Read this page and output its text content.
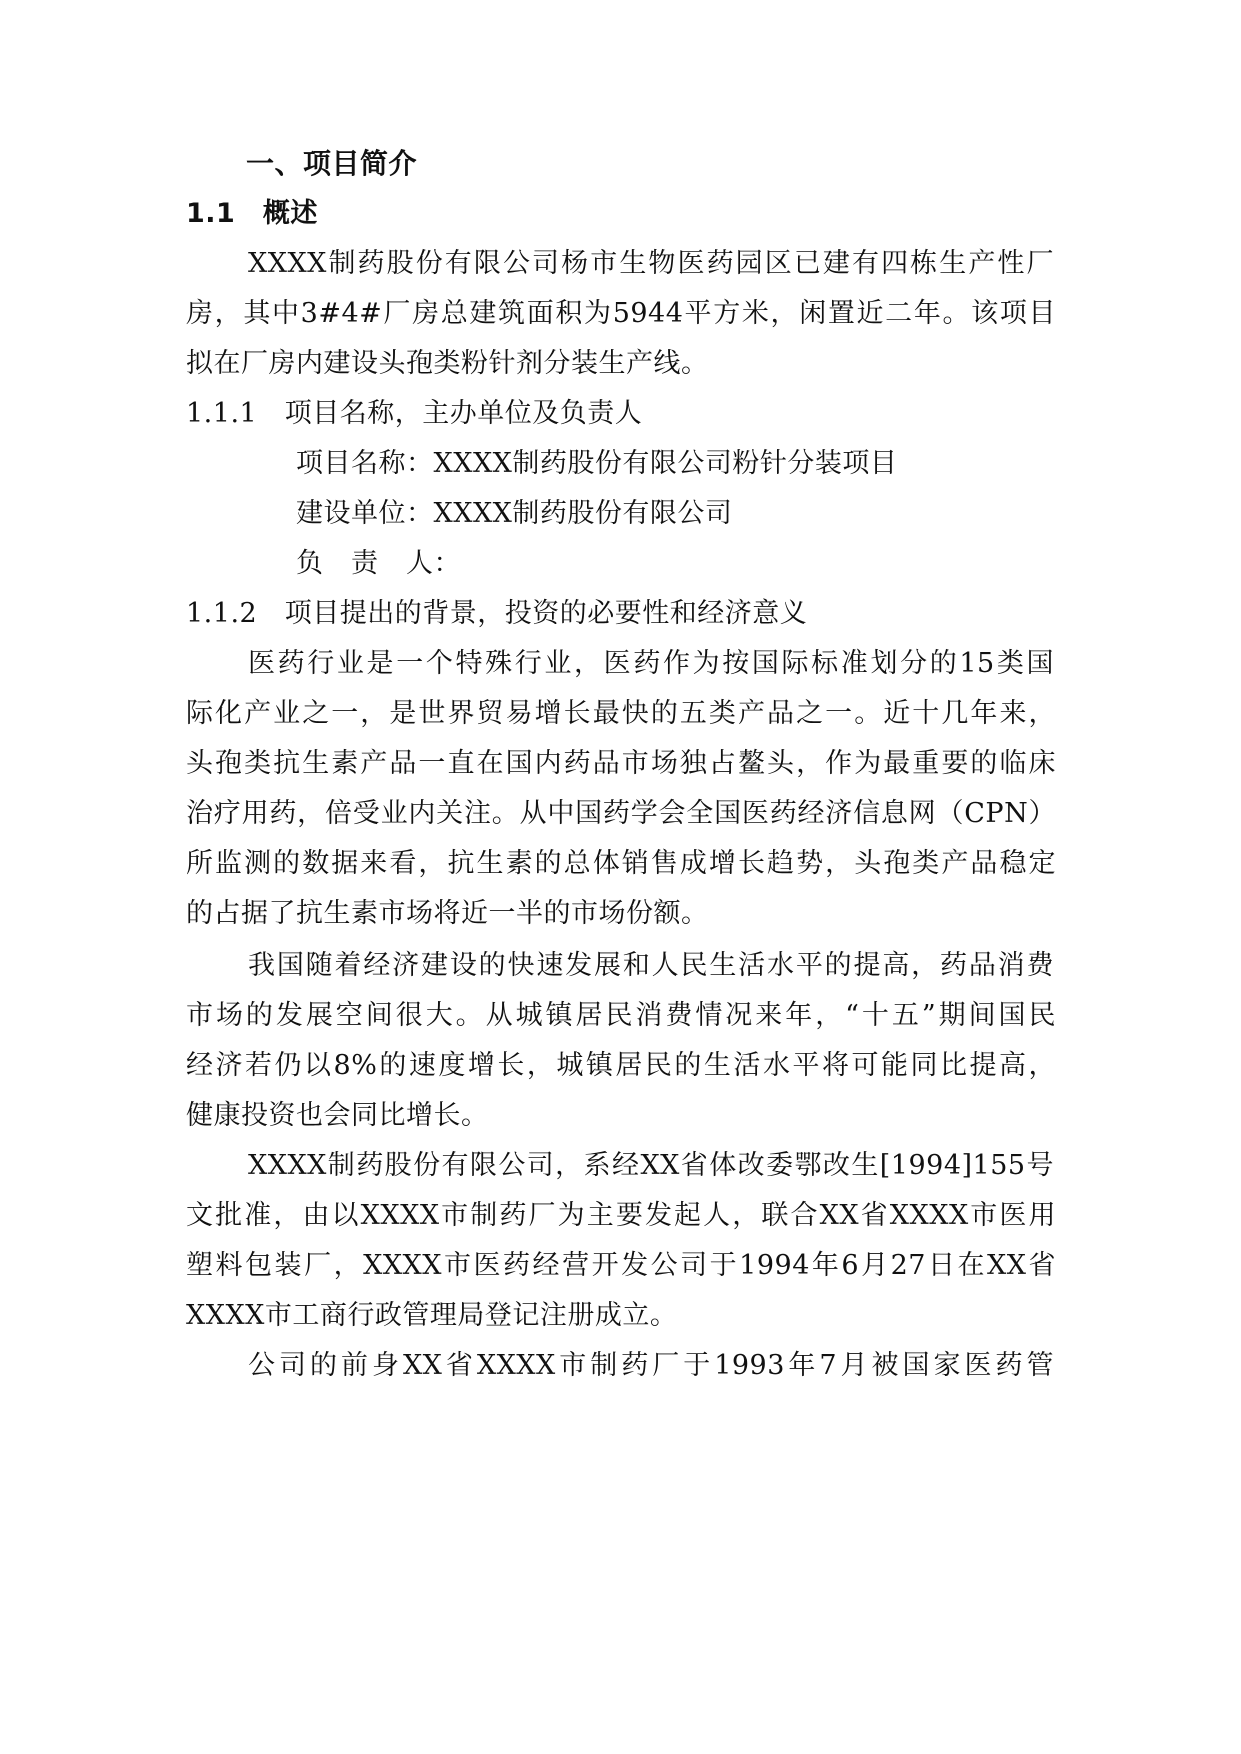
一、项目简介
1.1　概述
XXXX制药股份有限公司杨市生物医药园区已建有四栋生产性厂
房，其中3#4#厂房总建筑面积为5944平方米，闲置近二年。该项目
拟在厂房内建设头孢类粉针剂分装生产线。
1.1.1　项目名称，主办单位及负责人
项目名称：XXXX制药股份有限公司粉针分装项目
建设单位：XXXX制药股份有限公司
负　责　人：
1.1.2　项目提出的背景，投资的必要性和经济意义
医药行业是一个特殊行业，医药作为按国际标准划分的15类国
际化产业之一，是世界贸易增长最快的五类产品之一。近十几年来，
头孢类抗生素产品一直在国内药品市场独占鳌头，作为最重要的临床
治疗用药，倍受业内关注。从中国药学会全国医药经济信息网（CPN）
所监测的数据来看，抗生素的总体销售成增长趋势，头孢类产品稳定
的占据了抗生素市场将近一半的市场份额。
我国随着经济建设的快速发展和人民生活水平的提高，药品消费
市场的发展空间很大。从城镇居民消费情况来年，“十五”期间国民
经济若仍以8%的速度增长，城镇居民的生活水平将可能同比提高，
健康投资也会同比增长。
XXXX制药股份有限公司，系经XX省体改委鄂改生[1994]155号
文批准，由以XXXX市制药厂为主要发起人，联合XX省XXXX市医用
塑料包装厂，XXXX市医药经营开发公司于1994年6月27日在XX省
XXXX市工商行政管理局登记注册成立。
公司的前身XX省XXXX市制药厂于1993年7月被国家医药管
